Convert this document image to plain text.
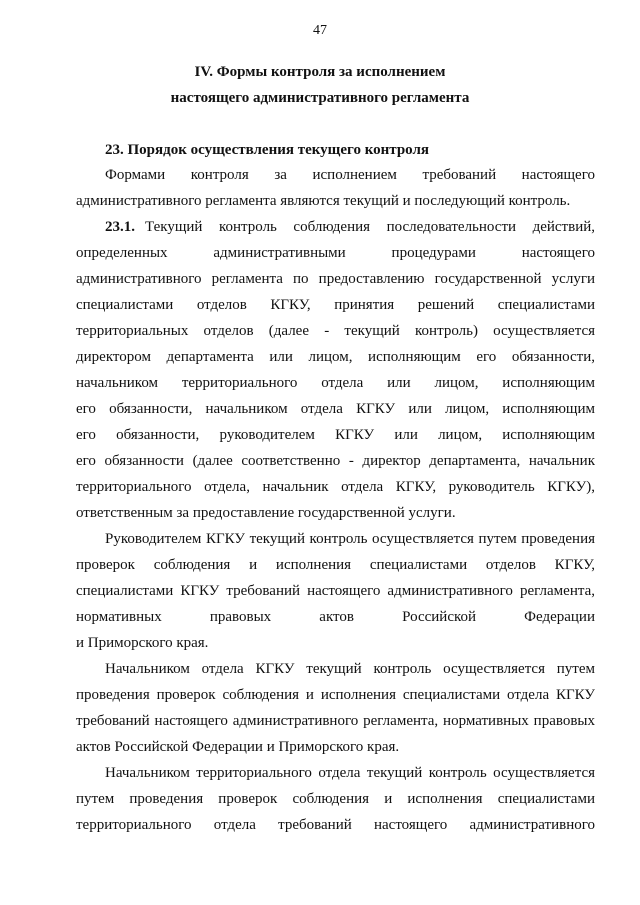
47
IV. Формы контроля за исполнением
настоящего административного регламента
23. Порядок осуществления текущего контроля
Формами контроля за исполнением требований настоящего
административного регламента являются текущий и последующий контроль.
23.1. Текущий контроль соблюдения последовательности действий,
определенных административными процедурами настоящего
административного регламента по предоставлению государственной услуги
специалистами отделов КГКУ, принятия решений специалистами
территориальных отделов (далее - текущий контроль) осуществляется
директором департамента или лицом, исполняющим его обязанности,
начальником территориального отдела или лицом, исполняющим
его обязанности, начальником отдела КГКУ или лицом, исполняющим
его обязанности, руководителем КГКУ или лицом, исполняющим
его обязанности (далее соответственно - директор департамента, начальник
территориального отдела, начальник отдела КГКУ, руководитель КГКУ),
ответственным за предоставление государственной услуги.
Руководителем КГКУ текущий контроль осуществляется путем проведения
проверок соблюдения и исполнения специалистами отделов КГКУ,
специалистами КГКУ требований настоящего административного регламента,
нормативных правовых актов Российской Федерации
и Приморского края.
Начальником отдела КГКУ текущий контроль осуществляется путем
проведения проверок соблюдения и исполнения специалистами отдела КГКУ
требований настоящего административного регламента, нормативных правовых
актов Российской Федерации и Приморского края.
Начальником территориального отдела текущий контроль осуществляется
путем проведения проверок соблюдения и исполнения специалистами
территориального отдела требований настоящего административного
